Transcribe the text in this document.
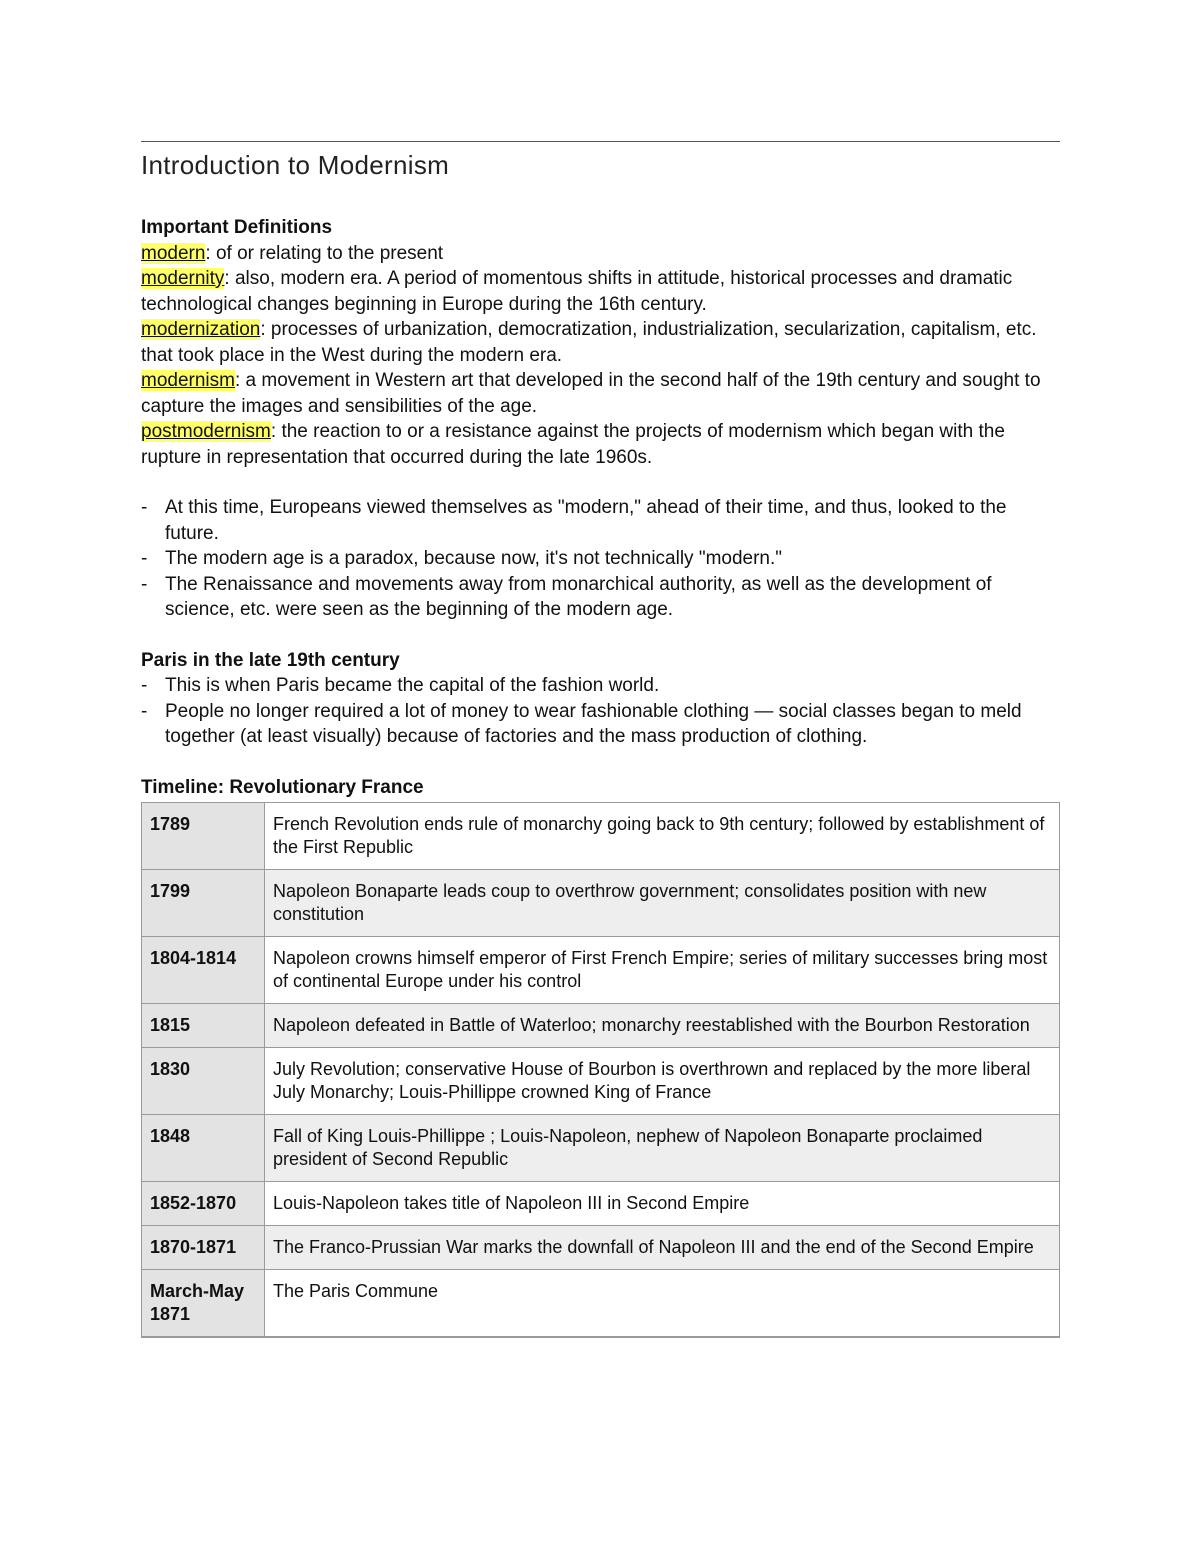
Introduction to Modernism

Important Definitions

modern: of or relating to the present

modernity: also, modern era. A period of momentous shifts in attitude, historical processes and dramatic technological changes beginning in Europe during the 16th century.

modernization: processes of urbanization, democratization, industrialization, secularization, capitalism, etc. that took place in the West during the modern era.

modernism: a movement in Western art that developed in the second half of the 19th century and sought to capture the images and sensibilities of the age.

postmodernism: the reaction to or a resistance against the projects of modernism which began with the rupture in representation that occurred during the late 1960s.

- At this time, Europeans viewed themselves as "modern," ahead of their time, and thus, looked to the future.
- The modern age is a paradox, because now, it's not technically "modern."
- The Renaissance and movements away from monarchical authority, as well as the development of science, etc. were seen as the beginning of the modern age.

Paris in the late 19th century

- This is when Paris became the capital of the fashion world.
- People no longer required a lot of money to wear fashionable clothing — social classes began to meld together (at least visually) because of factories and the mass production of clothing.

Timeline: Revolutionary France

1789	French Revolution ends rule of monarchy going back to 9th century; followed by establishment of the First Republic
1799	Napoleon Bonaparte leads coup to overthrow government; consolidates position with new constitution
1804-1814	Napoleon crowns himself emperor of First French Empire; series of military successes bring most of continental Europe under his control
1815	Napoleon defeated in Battle of Waterloo; monarchy reestablished with the Bourbon Restoration
1830	July Revolution; conservative House of Bourbon is overthrown and replaced by the more liberal July Monarchy; Louis-Phillippe crowned King of France
1848	Fall of King Louis-Phillippe ; Louis-Napoleon, nephew of Napoleon Bonaparte proclaimed president of Second Republic
1852-1870	Louis-Napoleon takes title of Napoleon III in Second Empire
1870-1871	The Franco-Prussian War marks the downfall of Napoleon III and the end of the Second Empire
March-May 1871	The Paris Commune
